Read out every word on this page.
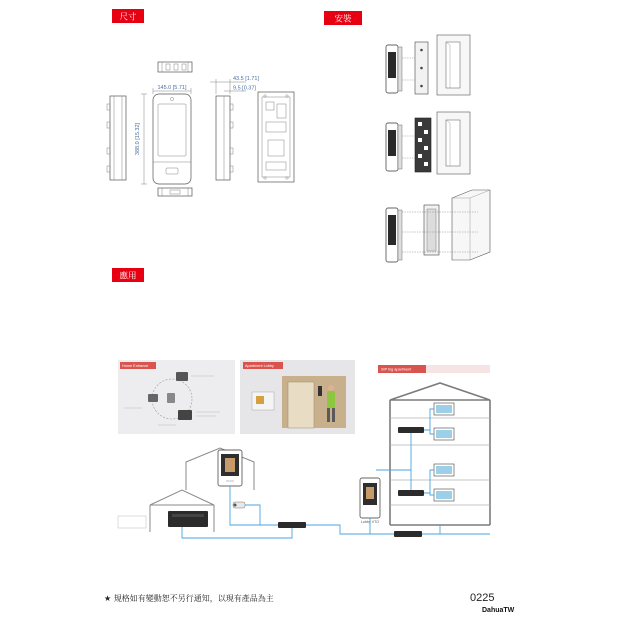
尺寸	安裝
應用
145.0 [5.71]
388.0 [15.32]
43.5 [1.71]
9.5 [0.37]
Home Entrance	Apartment Lobby
SIP big apartment
Lobby VTO
★ 規格如有變動恕不另行通知，以現有產品為主	0225
DahuaTW
